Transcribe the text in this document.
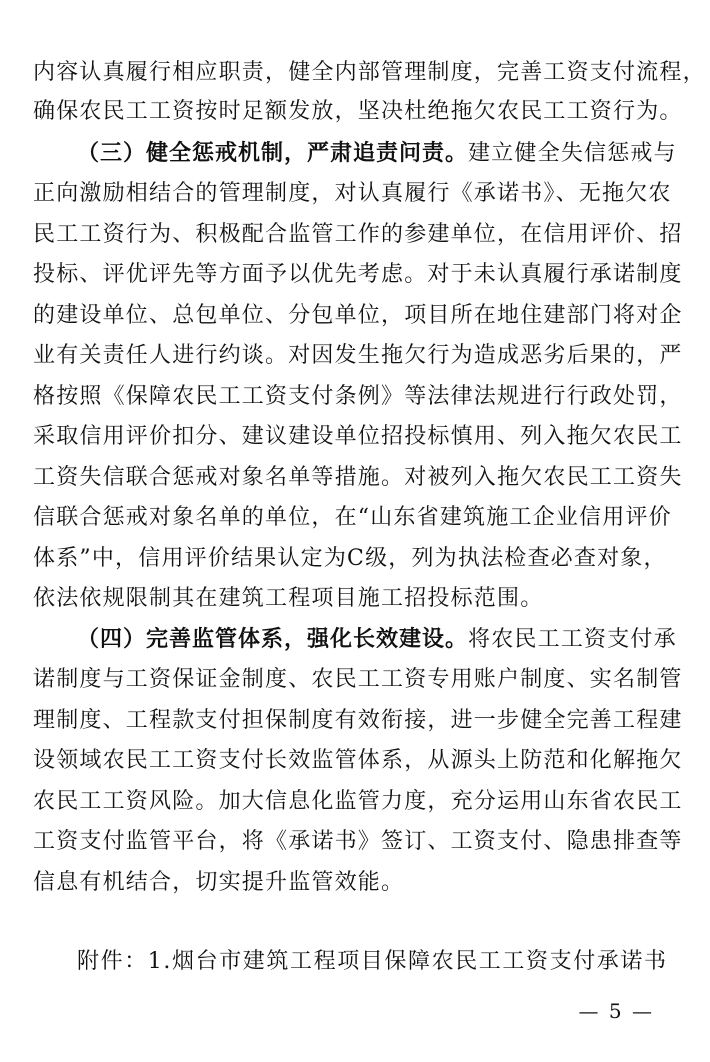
内容认真履行相应职责，健全内部管理制度，完善工资支付流程，
确保农民工工资按时足额发放，坚决杜绝拖欠农民工工资行为。
（三）健全惩戒机制，严肃追责问责。建立健全失信惩戒与
正向激励相结合的管理制度，对认真履行《承诺书》、无拖欠农
民工工资行为、积极配合监管工作的参建单位，在信用评价、招
投标、评优评先等方面予以优先考虑。对于未认真履行承诺制度
的建设单位、总包单位、分包单位，项目所在地住建部门将对企
业有关责任人进行约谈。对因发生拖欠行为造成恶劣后果的，严
格按照《保障农民工工资支付条例》等法律法规进行行政处罚，
采取信用评价扣分、建议建设单位招投标慎用、列入拖欠农民工
工资失信联合惩戒对象名单等措施。对被列入拖欠农民工工资失
信联合惩戒对象名单的单位，在“山东省建筑施工企业信用评价
体系”中，信用评价结果认定为C级，列为执法检查必查对象，
依法依规限制其在建筑工程项目施工招投标范围。
（四）完善监管体系，强化长效建设。将农民工工资支付承
诺制度与工资保证金制度、农民工工资专用账户制度、实名制管
理制度、工程款支付担保制度有效衔接，进一步健全完善工程建
设领域农民工工资支付长效监管体系，从源头上防范和化解拖欠
农民工工资风险。加大信息化监管力度，充分运用山东省农民工
工资支付监管平台，将《承诺书》签订、工资支付、隐患排查等
信息有机结合，切实提升监管效能。
附件：1.烟台市建筑工程项目保障农民工工资支付承诺书
— 5 —
